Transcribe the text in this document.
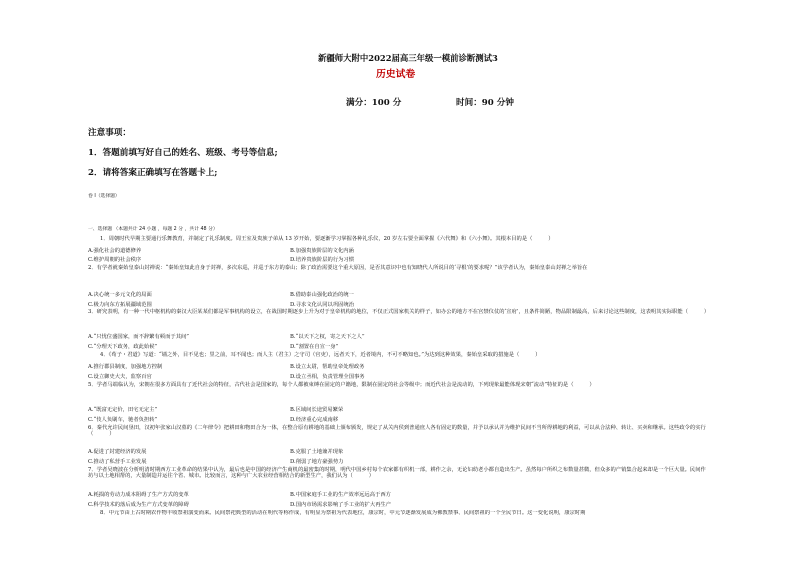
新疆师大附中2022届高三年级一模前诊断测试3
历史试卷
满分：100 分	时间：90 分钟
注意事项：
1．答题前填写好自己的姓名、班级、考号等信息;
2．请将答案正确填写在答题卡上;
卷 I（选择题）
一、选择题 （本题共计 24 小题 ，每题 2 分 ，共计 48 分）
1．周朝时代早期主要通行乐舞教育，并制定了礼乐制度。周王室及贵族子弟从 13 岁开始，要逐渐学习掌握各种礼乐仪，20 岁左右要全面掌握《六代舞》和《六小舞》。其根本目的是（　　　）
A.强化社会的道德修养	B.加强贵族阶层的文化内涵
C.维护周朝的社会秩序	D.培养贵族阶层的行为习惯
2．有学者就秦始皇泰山封禅说：“秦始皇知此自身于封禅，多次东巡，并巡于东方的泰山；除了政治需要这个重大原因，是否其意识中也有知晓代人所说目的‘寻根’的要求呢？”该学者认为，秦始皇泰山封禅之举旨在
A.决心统一多元文化的局面	B.借助泰山强化政治的统一
C.极力向东方拓展疆域范围	D.寻求文化认同以巩固统治
3．研究表明，有一种一代中枢机构的秦汉大臣某某们都是军事机构的设立，在战国时期逐步上升为对于皇帝机构的地位，不仅正式国家机关的样子，如办公的地方不在宫禁仪仗的‘宣府’，且条件简陋，物品限制最高，后来讨论这些制度，这表明其实际职能（　　　）
A.“只忧位盛国家，而不辞繁有顿而于其间”	B.“以天下之权，寄之天下之人”
C.“分理天下政务，政此始候”	D.“割置在自宣一身”
4．《荀子・君道》写道：“墙之外，目不见也；里之前，耳不闻也；而人主（君主）之守司（官吏），远者天下，近者境内，不可不略知也。”为达到这种效果，秦始皇采取的措施是（　　　）
A.推行郡县制度，加强地方控制	B.设立太尉，帮助皇帝处理政务
C.设立御史大夫，监察百官	D.设立丞相，负责管理全国事务
5．学者马端临认为，宋朝在很多方面具有了近代社会的特征，古代社会是国家的，每个人都被束缚在固定的户籍地，限制在固定的社会等级中；而近代社会是流动的，下列现象最能体现宋朝“流动”特征的是（　　　）
A.“既富无定价，田宅无定主”	B.区域间长途贸易繁荣
C.“伎人负刷车，驰者负担转”	D.经济重心完成南移
6．秦代允许民间垦田，汉初年张家山汉墓的《二年律令》把耕田和物田合为一体，在整合原有耕地的基础上颁布颁发，规定了从关内侯到普通庶人各有固定的数量，并予以承认并为维护民间不当所得耕地的利益，可以从合法种、转让、买卖和继承。这些政令的实行（　　　）
A.促进了封建经济的发展	B.克服了土地兼并现象
C.推动了私营手工业发展	D.削弱了地方豪强势力
7．学者吴晓波在分析明清时期西方工业革命的结果中认为，最后也是中国的经济产生商机的最密集的时期，明代中国乡村每个农家都有织机一部，耕作之余，无论妇幼老小都自造出生产。虽然每户所织之布数量甚微，但众多的产销集合起来却是一个巨大量。民间作坊与以土地相帮的，大量制造并运往个省、城市。比较而言，这种与广大农业经营相结合的新型生产，我们认为（　　　）
A.耗损的劳动力成本阻碍了生产方式的变革	B.中国家庭手工业的生产效率远远高于西方
C.科学技术的落后成为生产方式变革的障碍	D.国内市场需求影响了手工业的扩大再生产
8．中元节由上古时期农作物丰收祭祖演变而来。民间祭祀典型的活动在明代等称作成，有明显为祭祖为代表地位，康宗时，中元节逐渐发展成为佛教禁事、民间祭祖的一个全民节日。这一变化说明，康宗时期
